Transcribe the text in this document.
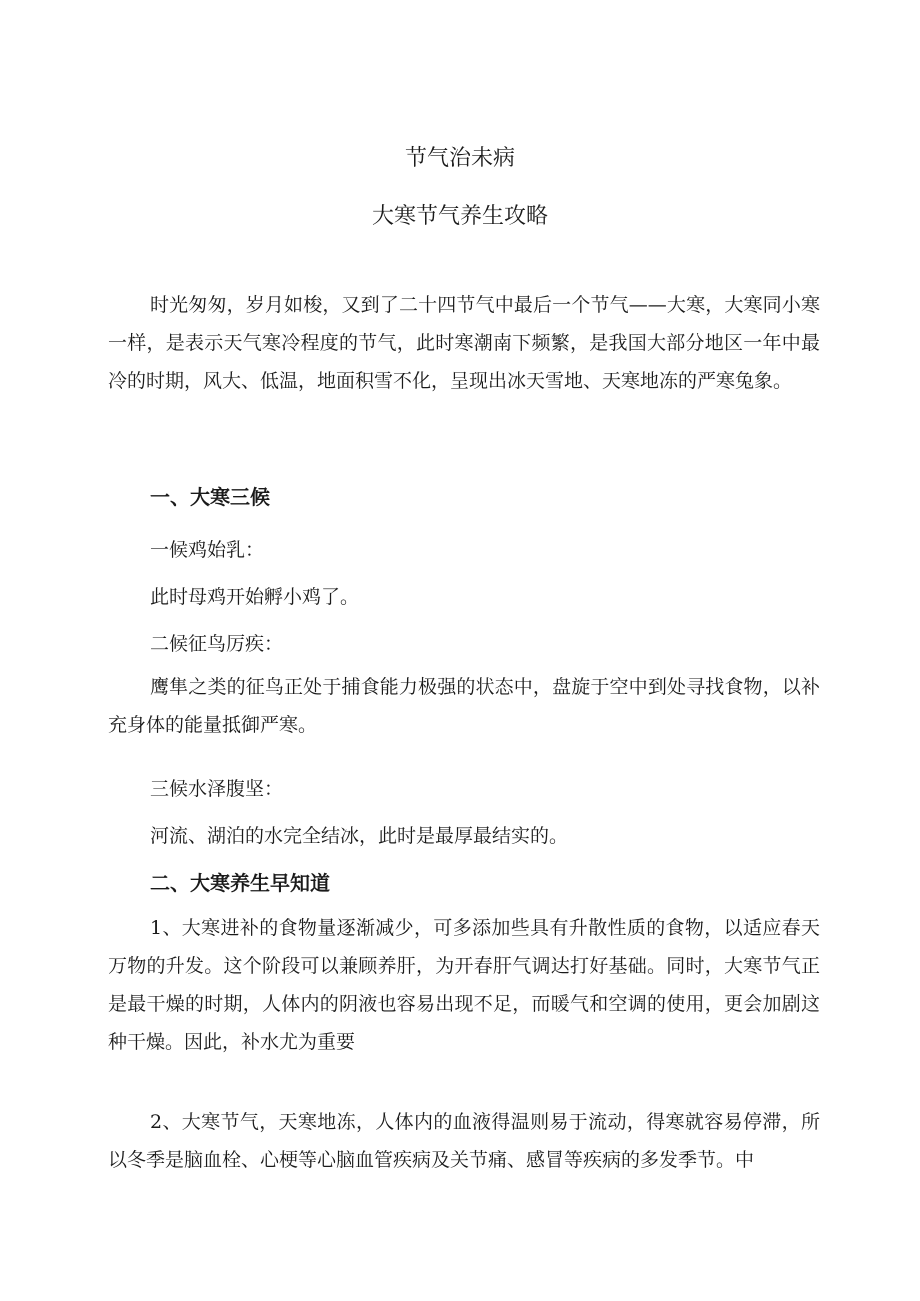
节气治未病
大寒节气养生攻略

时光匆匆，岁月如梭，又到了二十四节气中最后一个节气——大寒，大寒同小寒一样，是表示天气寒冷程度的节气，此时寒潮南下频繁，是我国大部分地区一年中最冷的时期，风大、低温，地面积雪不化，呈现出冰天雪地、天寒地冻的严寒兔象。

一、大寒三候

一候鸡始乳：

此时母鸡开始孵小鸡了。

二候征鸟厉疾：

鹰隼之类的征鸟正处于捕食能力极强的状态中，盘旋于空中到处寻找食物，以补充身体的能量抵御严寒。

三候水泽腹坚：

河流、湖泊的水完全结冰，此时是最厚最结实的。

二、大寒养生早知道

1、大寒进补的食物量逐渐减少，可多添加些具有升散性质的食物，以适应春天万物的升发。这个阶段可以兼顾养肝，为开春肝气调达打好基础。同时，大寒节气正是最干燥的时期，人体内的阴液也容易出现不足，而暖气和空调的使用，更会加剧这种干燥。因此，补水尤为重要

2、大寒节气，天寒地冻，人体内的血液得温则易于流动，得寒就容易停滞，所以冬季是脑血栓、心梗等心脑血管疾病及关节痛、感冒等疾病的多发季节。中
